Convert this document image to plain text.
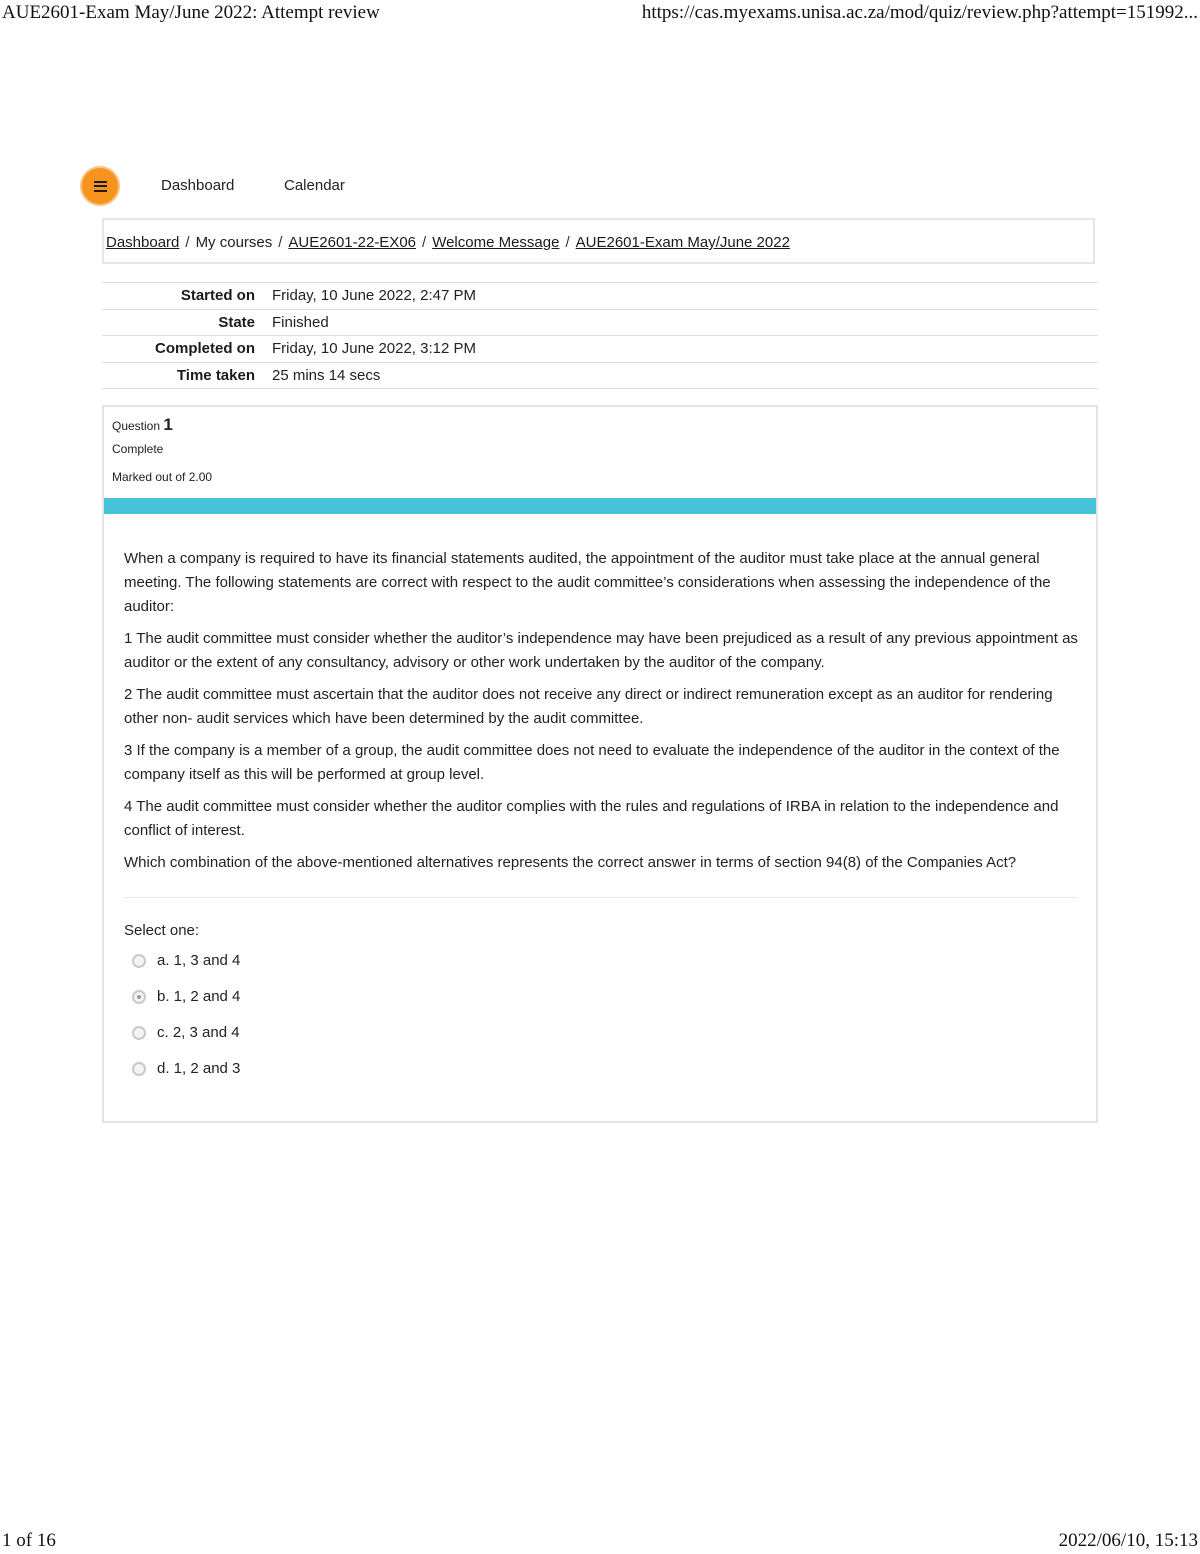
AUE2601-Exam May/June 2022: Attempt review	https://cas.myexams.unisa.ac.za/mod/quiz/review.php?attempt=151992...
Dashboard	Calendar
Dashboard / My courses / AUE2601-22-EX06 / Welcome Message / AUE2601-Exam May/June 2022
Started on	Friday, 10 June 2022, 2:47 PM
State	Finished
Completed on	Friday, 10 June 2022, 3:12 PM
Time taken	25 mins 14 secs
Question 1
Complete
Marked out of 2.00

When a company is required to have its financial statements audited, the appointment of the auditor must take place at the annual general meeting. The following statements are correct with respect to the audit committee’s considerations when assessing the independence of the auditor:

1 The audit committee must consider whether the auditor’s independence may have been prejudiced as a result of any previous appointment as auditor or the extent of any consultancy, advisory or other work undertaken by the auditor of the company.

2 The audit committee must ascertain that the auditor does not receive any direct or indirect remuneration except as an auditor for rendering other non- audit services which have been determined by the audit committee.

3 If the company is a member of a group, the audit committee does not need to evaluate the independence of the auditor in the context of the company itself as this will be performed at group level.

4 The audit committee must consider whether the auditor complies with the rules and regulations of IRBA in relation to the independence and conflict of interest.

Which combination of the above-mentioned alternatives represents the correct answer in terms of section 94(8) of the Companies Act?

Select one:
a. 1, 3 and 4
b. 1, 2 and 4
c. 2, 3 and 4
d. 1, 2 and 3
1 of 16	2022/06/10, 15:13
